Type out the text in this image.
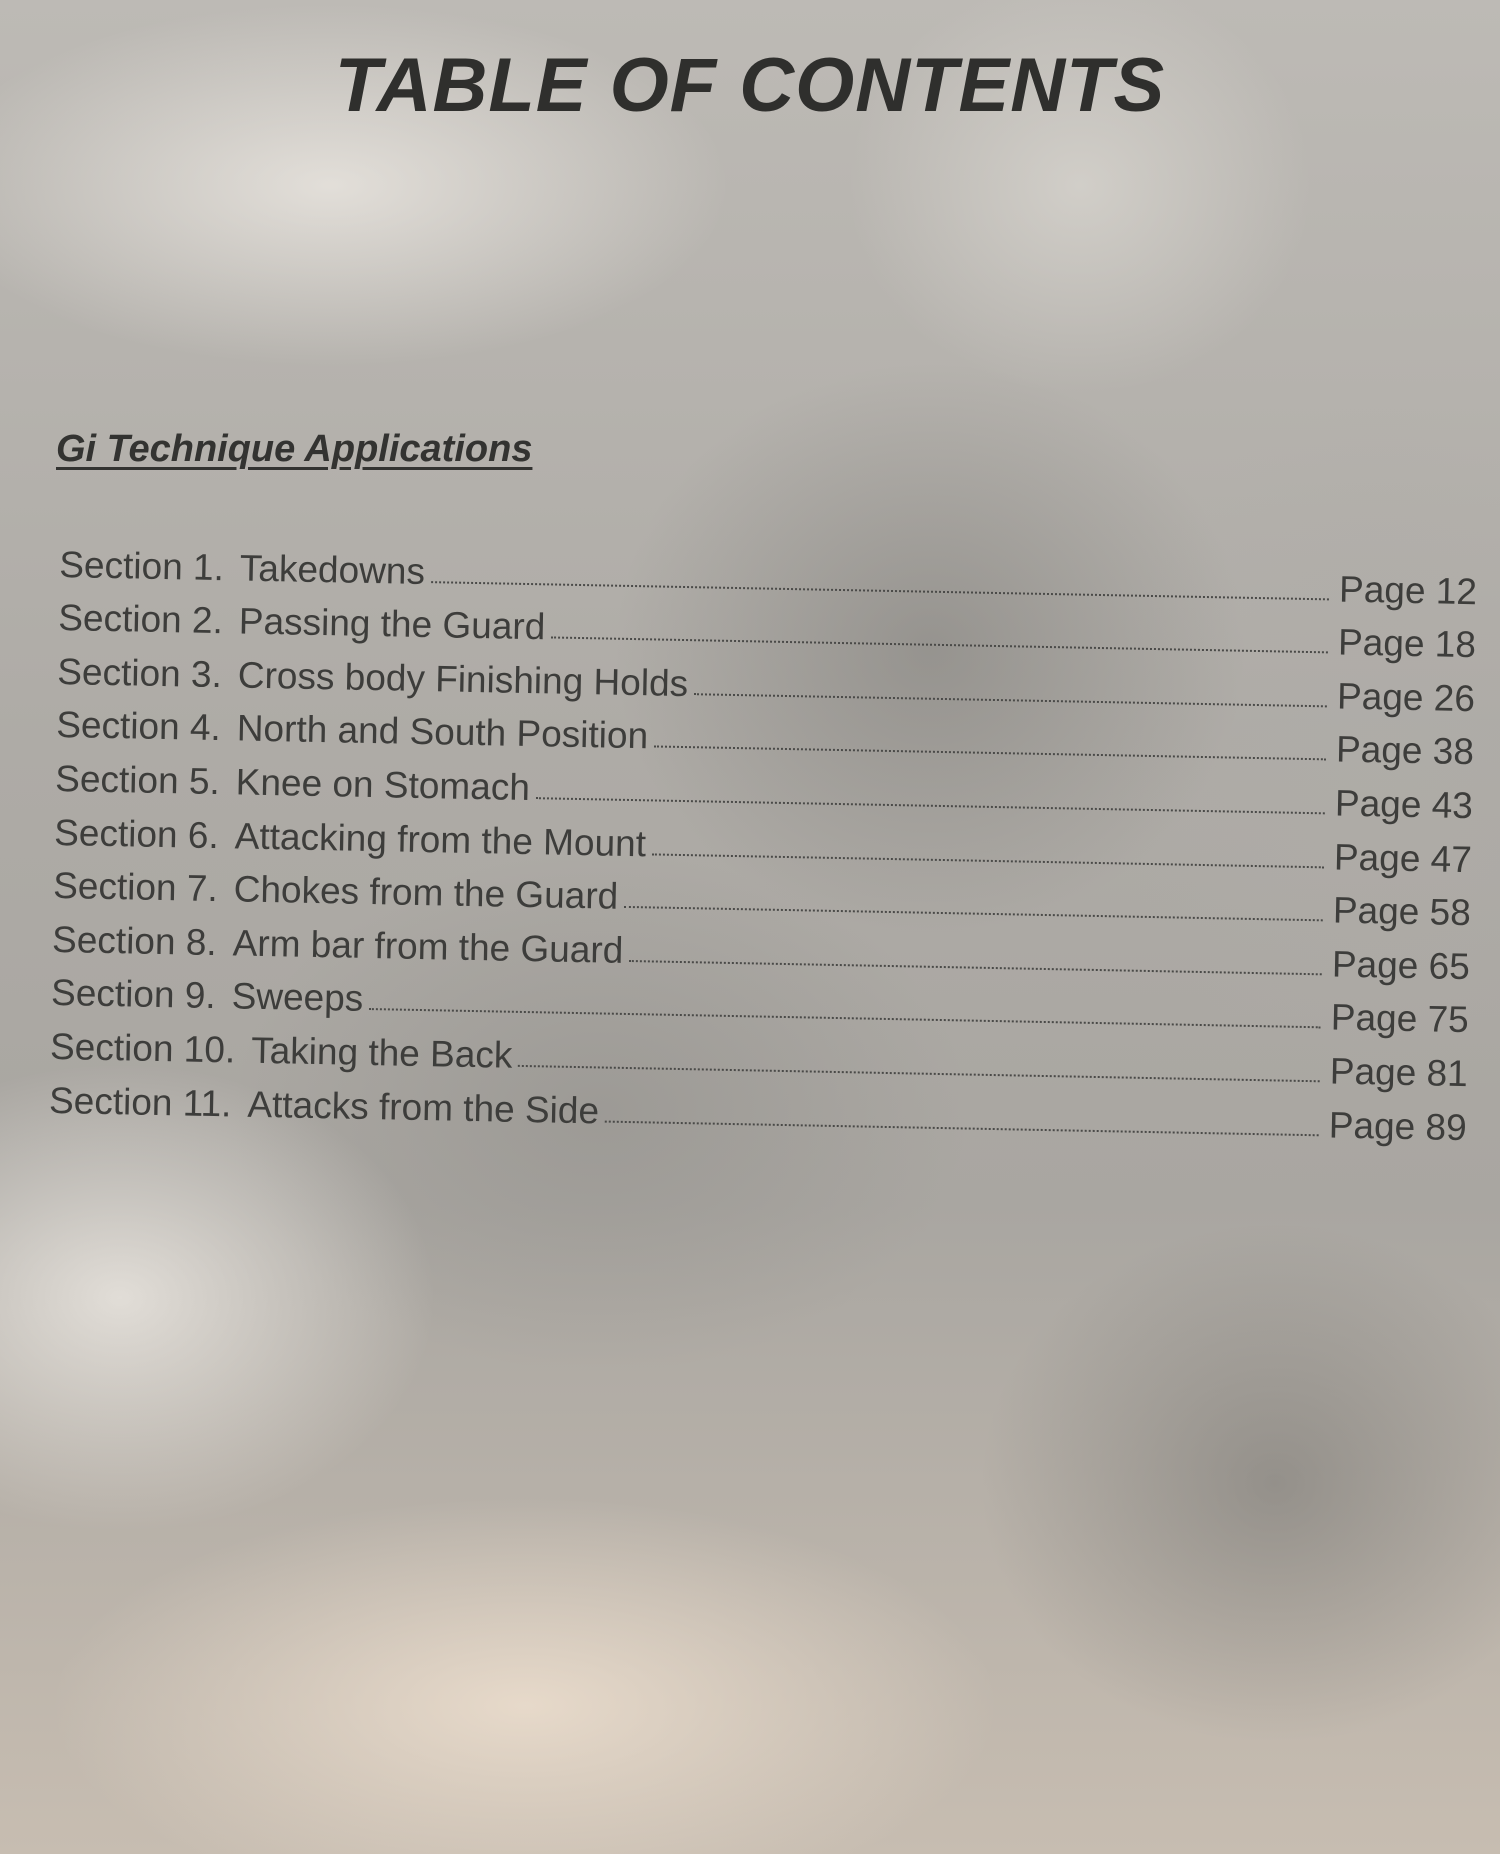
TABLE OF CONTENTS
Gi Technique Applications
Section 1. Takedowns	Page 12
Section 2. Passing the Guard	Page 18
Section 3. Cross body Finishing Holds	Page 26
Section 4. North and South Position	Page 38
Section 5. Knee on Stomach	Page 43
Section 6. Attacking from the Mount	Page 47
Section 7. Chokes from the Guard	Page 58
Section 8. Arm bar from the Guard	Page 65
Section 9. Sweeps	Page 75
Section 10. Taking the Back	Page 81
Section 11. Attacks from the Side	Page 89
